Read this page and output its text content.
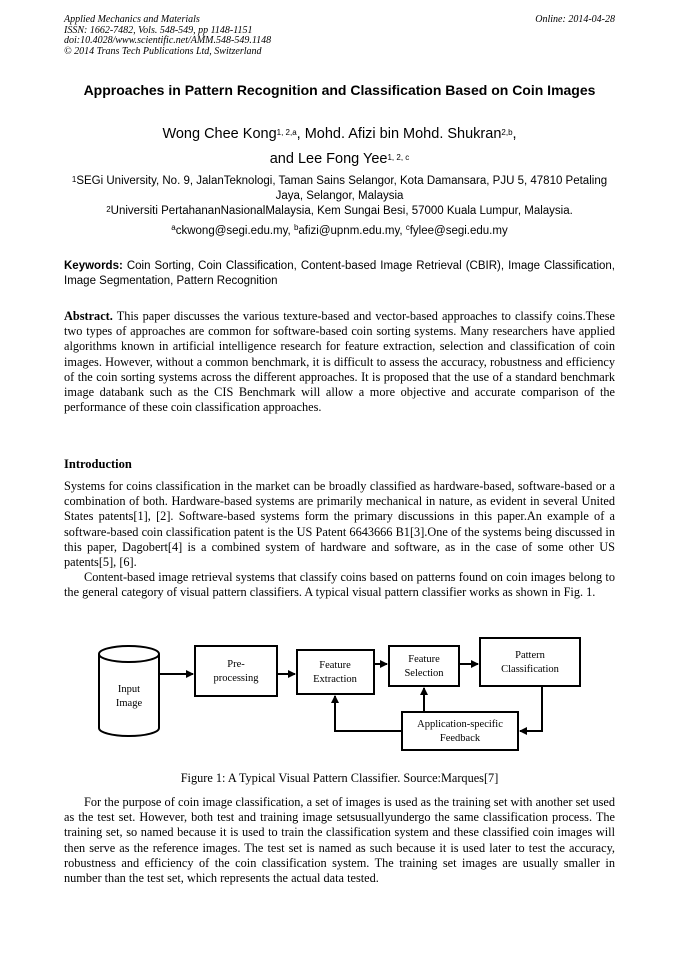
Applied Mechanics and Materials
ISSN: 1662-7482, Vols. 548-549, pp 1148-1151
doi:10.4028/www.scientific.net/AMM.548-549.1148
© 2014 Trans Tech Publications Ltd, Switzerland
Online: 2014-04-28
Approaches in Pattern Recognition and Classification Based on Coin Images
Wong Chee Kong$^{1, 2,a}$, Mohd. Afizi bin Mohd. Shukran$^{2,b}$,
and Lee Fong Yee$^{1, 2, c}$
$^1$SEGi University, No. 9, JalanTeknologi, Taman Sains Selangor, Kota Damansara, PJU 5, 47810 Petaling Jaya, Selangor, Malaysia
$^2$Universiti PertahananNasionalMalaysia, Kem Sungai Besi, 57000 Kuala Lumpur, Malaysia.
$^a$ckwong@segi.edu.my, $^b$afizi@upnm.edu.my, $^c$fylee@segi.edu.my
Keywords: Coin Sorting, Coin Classification, Content-based Image Retrieval (CBIR), Image Classification, Image Segmentation, Pattern Recognition
Abstract. This paper discusses the various texture-based and vector-based approaches to classify coins.These two types of approaches are common for software-based coin sorting systems. Many researchers have applied algorithms known in artificial intelligence research for feature extraction, selection and classification of coin images. However, without a common benchmark, it is difficult to assess the accuracy, robustness and efficiency of the coin sorting systems across the different approaches. It is proposed that the use of a standard benchmark image databank such as the CIS Benchmark will allow a more objective and accurate comparison of the performance of these coin classification approaches.
Introduction

Systems for coins classification in the market can be broadly classified as hardware-based, software-based or a combination of both. Hardware-based systems are primarily mechanical in nature, as evident in several United States patents[1], [2]. Software-based systems form the primary discussions in this paper.An example of a software-based coin classification patent is the US Patent 6643666 B1[3].One of the systems being discussed in this paper, Dagobert[4] is a combined system of hardware and software, as in the case of some other US patents[5], [6].

Content-based image retrieval systems that classify coins based on patterns found on coin images belong to the general category of visual pattern classifiers. A typical visual pattern classifier works as shown in Fig. 1.

Input
Image
Pre-
processing
Feature
Extraction
Feature
Selection
Pattern
Classification
Application-specific
Feedback
Figure 1: A Typical Visual Pattern Classifier. Source:Marques[7]

For the purpose of coin image classification, a set of images is used as the training set with another set used as the test set. However, both test and training image setsusuallyundergo the same classification process. The training set, so named because it is used to train the classification system and these classified coin images will then serve as the reference images. The test set is named as such because it is used later to test the accuracy, robustness and efficiency of the coin classification system. The training set images are usually smaller in number than the test set, which represents the actual data tested.
